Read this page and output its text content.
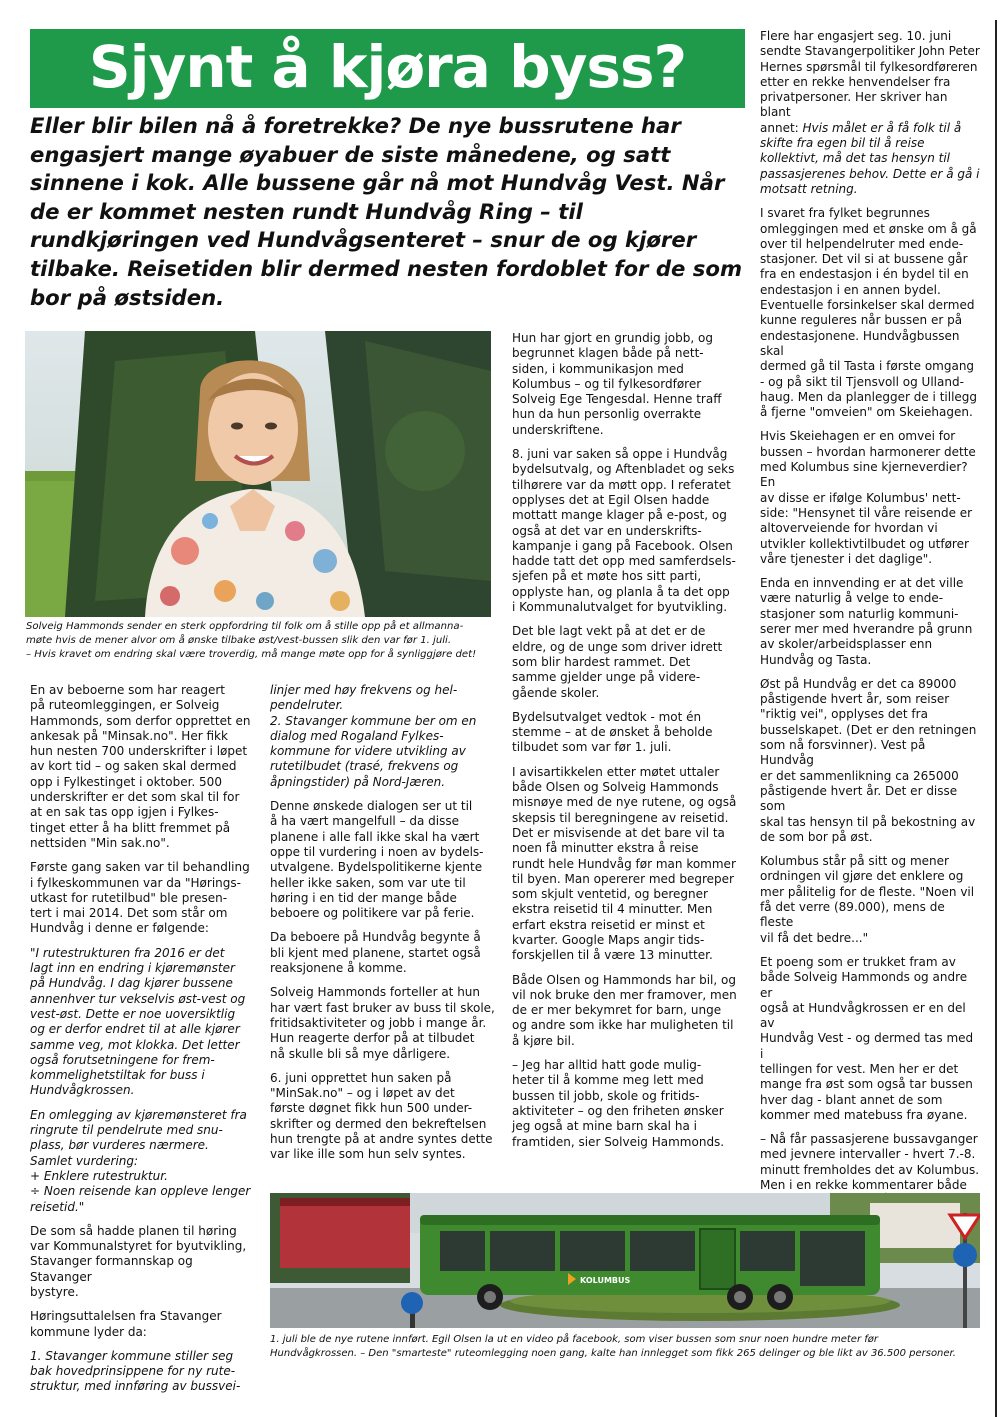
Sjynt å kjøra byss?

Eller blir bilen nå å foretrekke? De nye bussrutene har engasjert mange øyabuer de siste månedene, og satt sinnene i kok. Alle bussene går nå mot Hundvåg Vest. Når de er kommet nesten rundt Hundvåg Ring – til rundkjøringen ved Hundvågsenteret – snur de og kjører tilbake. Reisetiden blir dermed nesten fordoblet for de som bor på østsiden.

Solveig Hammonds sender en sterk oppfordring til folk om å stille opp på et allmanna-
møte hvis de mener alvor om å ønske tilbake øst/vest-bussen slik den var før 1. juli.
– Hvis kravet om endring skal være troverdig, må mange møte opp for å synliggjøre det!

En av beboerne som har reagert
på ruteomleggingen, er Solveig
Hammonds, som derfor opprettet en
ankesak på "Minsak.no". Her fikk
hun nesten 700 underskrifter i løpet
av kort tid – og saken skal dermed
opp i Fylkestinget i oktober. 500
underskrifter er det som skal til for
at en sak tas opp igjen i Fylkes-
tinget etter å ha blitt fremmet på
nettsiden "Min sak.no".

Første gang saken var til behandling
i fylkeskommunen var da "Hørings-
utkast for rutetilbud" ble presen-
tert i mai 2014. Det som står om
Hundvåg i denne er følgende:

"I rutestrukturen fra 2016 er det
lagt inn en endring i kjøremønster
på Hundvåg. I dag kjører bussene
annenhver tur vekselvis øst-vest og
vest-øst. Dette er noe uoversiktlig
og er derfor endret til at alle kjører
samme veg, mot klokka. Det letter
også forutsetningene for frem-
kommelighetstiltak for buss i
Hundvågkrossen.

En omlegging av kjøremønsteret fra
ringrute til pendelrute med snu-
plass, bør vurderes nærmere.
Samlet vurdering:
+ Enklere rutestruktur.
÷ Noen reisende kan oppleve lenger
reisetid."

De som så hadde planen til høring
var Kommunalstyret for byutvikling,
Stavanger formannskap og Stavanger
bystyre.

Høringsuttalelsen fra Stavanger
kommune lyder da:

1. Stavanger kommune stiller seg
bak hovedprinsippene for ny rute-
struktur, med innføring av bussvei-

linjer med høy frekvens og hel-
pendelruter.
2. Stavanger kommune ber om en
dialog med Rogaland Fylkes-
kommune for videre utvikling av
rutetilbudet (trasé, frekvens og
åpningstider) på Nord-Jæren.

Denne ønskede dialogen ser ut til
å ha vært mangelfull – da disse
planene i alle fall ikke skal ha vært
oppe til vurdering i noen av bydels-
utvalgene. Bydelspolitikerne kjente
heller ikke saken, som var ute til
høring i en tid der mange både
beboere og politikere var på ferie.

Da beboere på Hundvåg begynte å
bli kjent med planene, startet også
reaksjonene å komme.

Solveig Hammonds forteller at hun
har vært fast bruker av buss til skole,
fritidsaktiviteter og jobb i mange år.
Hun reagerte derfor på at tilbudet
nå skulle bli så mye dårligere.

6. juni opprettet hun saken på
"MinSak.no" – og i løpet av det
første døgnet fikk hun 500 under-
skrifter og dermed den bekreftelsen
hun trengte på at andre syntes dette
var like ille som hun selv syntes.

Hun har gjort en grundig jobb, og
begrunnet klagen både på nett-
siden, i kommunikasjon med
Kolumbus – og til fylkesordfører
Solveig Ege Tengesdal. Henne traff
hun da hun personlig overrakte
underskriftene.

8. juni var saken så oppe i Hundvåg
bydelsutvalg, og Aftenbladet og seks
tilhørere var da møtt opp. I referatet
opplyses det at Egil Olsen hadde
mottatt mange klager på e-post, og
også at det var en underskrifts-
kampanje i gang på Facebook. Olsen
hadde tatt det opp med samferdsels-
sjefen på et møte hos sitt parti,
opplyste han, og planla å ta det opp
i Kommunalutvalget for byutvikling.

Det ble lagt vekt på at det er de
eldre, og de unge som driver idrett
som blir hardest rammet. Det
samme gjelder unge på videre-
gående skoler.

Bydelsutvalget vedtok - mot én
stemme – at de ønsket å beholde
tilbudet som var før 1. juli.

I avisartikkelen etter møtet uttaler
både Olsen og Solveig Hammonds
misnøye med de nye rutene, og også
skepsis til beregningene av reisetid.
Det er misvisende at det bare vil ta
noen få minutter ekstra å reise
rundt hele Hundvåg før man kommer
til byen. Man opererer med begreper
som skjult ventetid, og beregner
ekstra reisetid til 4 minutter. Men
erfart ekstra reisetid er minst et
kvarter. Google Maps angir tids-
forskjellen til å være 13 minutter.

Både Olsen og Hammonds har bil, og
vil nok bruke den mer framover, men
de er mer bekymret for barn, unge
og andre som ikke har muligheten til
å kjøre bil.

– Jeg har alltid hatt gode mulig-
heter til å komme meg lett med
bussen til jobb, skole og fritids-
aktiviteter – og den friheten ønsker
jeg også at mine barn skal ha i
framtiden, sier Solveig Hammonds.

Flere har engasjert seg. 10. juni
sendte Stavangerpolitiker John Peter
Hernes spørsmål til fylkesordføreren
etter en rekke henvendelser fra
privatpersoner. Her skriver han blant
annet: Hvis målet er å få folk til å
skifte fra egen bil til å reise
kollektivt, må det tas hensyn til
passasjerenes behov. Dette er å gå i
motsatt retning.

I svaret fra fylket begrunnes
omleggingen med et ønske om å gå
over til helpendelruter med ende-
stasjoner. Det vil si at bussene går
fra en endestasjon i én bydel til en
endestasjon i en annen bydel.
Eventuelle forsinkelser skal dermed
kunne reguleres når bussen er på
endestasjonene. Hundvågbussen skal
dermed gå til Tasta i første omgang
- og på sikt til Tjensvoll og Ulland-
haug. Men da planlegger de i tillegg
å fjerne "omveien" om Skeiehagen.

Hvis Skeiehagen er en omvei for
bussen – hvordan harmonerer dette
med Kolumbus sine kjerneverdier? En
av disse er ifølge Kolumbus' nett-
side: "Hensynet til våre reisende er
altoverveiende for hvordan vi
utvikler kollektivtilbudet og utfører
våre tjenester i det daglige".

Enda en innvending er at det ville
være naturlig å velge to ende-
stasjoner som naturlig kommuni-
serer mer med hverandre på grunn
av skoler/arbeidsplasser enn
Hundvåg og Tasta.

Øst på Hundvåg er det ca 89000
påstigende hvert år, som reiser
"riktig vei", opplyses det fra
busselskapet. (Det er den retningen
som nå forsvinner). Vest på Hundvåg
er det sammenlikning ca 265000
påstigende hvert år. Det er disse som
skal tas hensyn til på bekostning av
de som bor på øst.

Kolumbus står på sitt og mener
ordningen vil gjøre det enklere og
mer pålitelig for de fleste. "Noen vil
få det verre (89.000), mens de fleste
vil få det bedre..."

Et poeng som er trukket fram av
både Solveig Hammonds og andre er
også at Hundvågkrossen er en del av
Hundvåg Vest - og dermed tas med i
tellingen for vest. Men her er det
mange fra øst som også tar bussen
hver dag - blant annet de som
kommer med matebuss fra øyane.

– Nå får passasjerene bussavganger
med jevnere intervaller - hvert 7.-8.
minutt fremholdes det av Kolumbus.
Men i en rekke kommentarer både

KOLUMBUS

1. juli ble de nye rutene innført. Egil Olsen la ut en video på facebook, som viser bussen som snur noen hundre meter før
Hundvågkrossen. – Den "smarteste" ruteomlegging noen gang, kalte han innlegget som fikk 265 delinger og ble likt av 36.500 personer.
